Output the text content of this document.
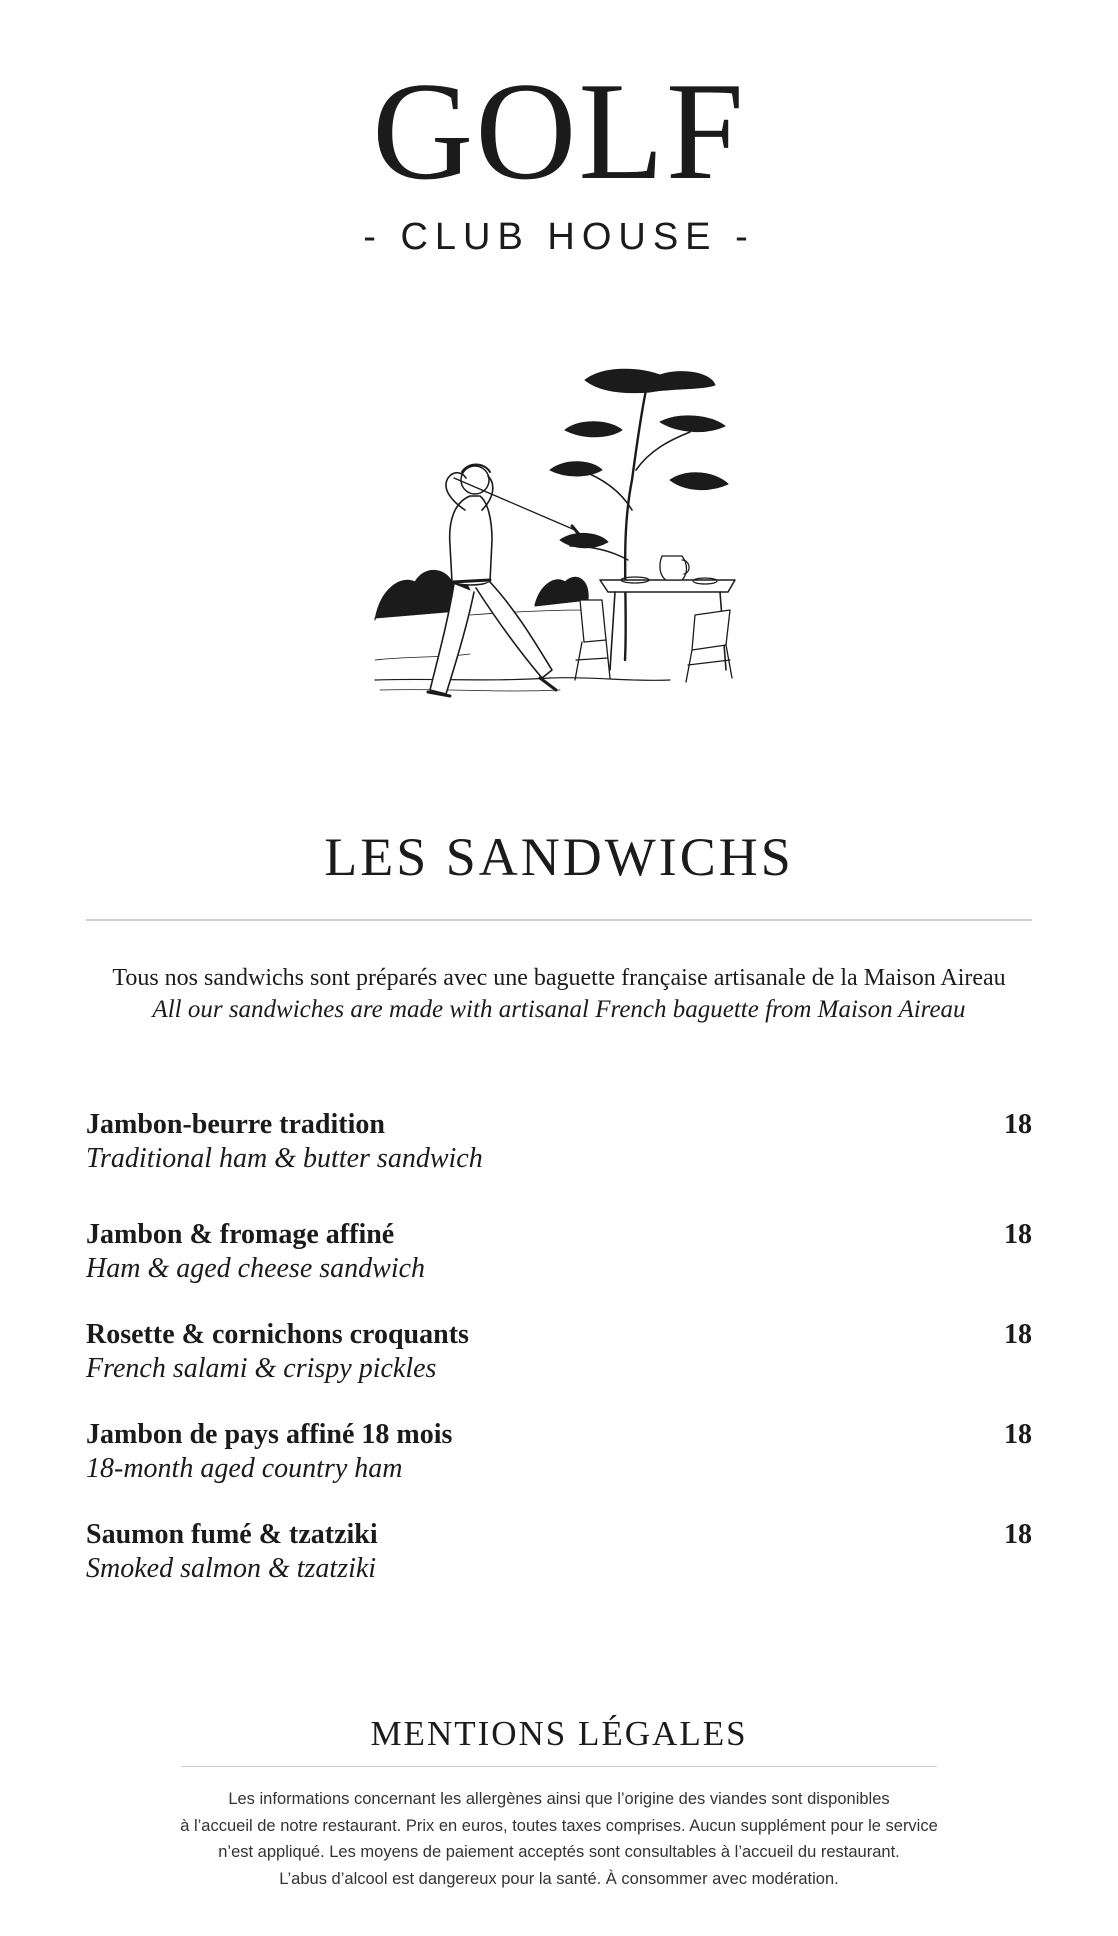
GOLF
- CLUB HOUSE -
LES SANDWICHS
Tous nos sandwichs sont préparés avec une baguette française artisanale de la Maison Aireau
All our sandwiches are made with artisanal French baguette from Maison Aireau
Jambon-beurre tradition
Traditional ham & butter sandwich
18
Jambon & fromage affiné
Ham & aged cheese sandwich
18
Rosette & cornichons croquants
French salami & crispy pickles
18
Jambon de pays affiné 18 mois
18-month aged country ham
18
Saumon fumé & tzatziki
Smoked salmon & tzatziki
18
MENTIONS LÉGALES
Les informations concernant les allergènes ainsi que l’origine des viandes sont disponibles
à l’accueil de notre restaurant. Prix en euros, toutes taxes comprises. Aucun supplément pour le service
n’est appliqué. Les moyens de paiement acceptés sont consultables à l’accueil du restaurant.
L’abus d’alcool est dangereux pour la santé. À consommer avec modération.
